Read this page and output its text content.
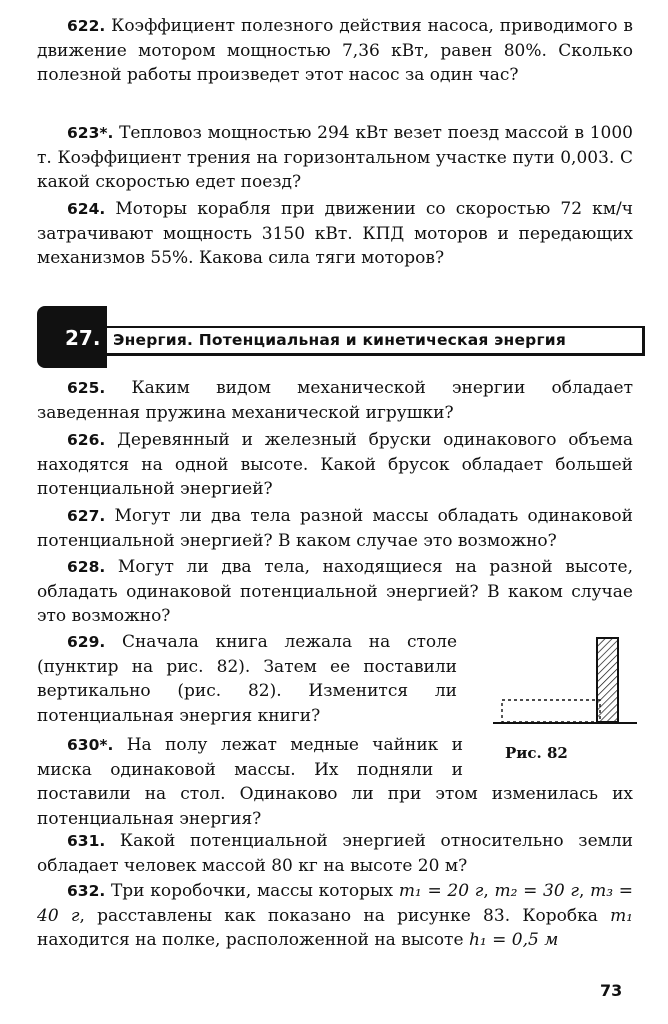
622. Коэффициент полезного действия насоса, приводимого в движение мотором мощностью 7,36 кВт, равен 80%. Сколько полезной работы произведет этот насос за один час?

623*. Тепловоз мощностью 294 кВт везет поезд массой в 1000 т. Коэффициент трения на горизонтальном участке пути 0,003. С какой скоростью едет поезд?

624. Моторы корабля при движении со скоростью 72 км/ч затрачивают мощность 3150 кВт. КПД моторов и передающих механизмов 55%. Какова сила тяги моторов?

27. Энергия. Потенциальная и кинетическая энергия

625. Каким видом механической энергии обладает заведенная пружина механической игрушки?

626. Деревянный и железный бруски одинакового объема находятся на одной высоте. Какой брусок обладает большей потенциальной энергией?

627. Могут ли два тела разной массы обладать одинаковой потенциальной энергией? В каком случае это возможно?

628. Могут ли два тела, находящиеся на разной высоте, обладать одинаковой потенциальной энергией? В каком случае это возможно?

629. Сначала книга лежала на столе (пунктир на рис. 82). Затем ее поставили вертикально (рис. 82). Изменится ли потенциальная энергия книги?

Рис. 82

630*. На полу лежат медные чайник и миска одинаковой массы. Их подняли и поставили на стол. Одинаково ли при этом изменилась их потенциальная энергия?

631. Какой потенциальной энергией относительно земли обладает человек массой 80 кг на высоте 20 м?

632. Три коробочки, массы которых m₁ = 20 г, m₂ = 30 г, m₃ = 40 г, расставлены как показано на рисунке 83. Коробка m₁ находится на полке, расположенной на высоте h₁ = 0,5 м

73
